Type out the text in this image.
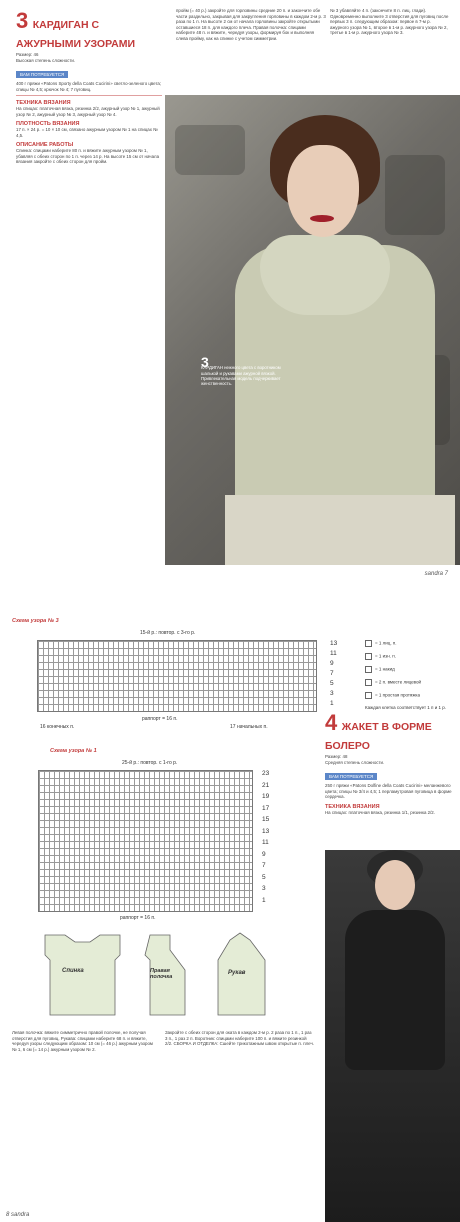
3 КАРДИГАН С АЖУРНЫМИ УЗОРАМИ
Размер: 46
Высокая степень сложности.
ВАМ ПОТРЕБУЕТСЯ
400 г пряжи «Patons Sporty della Coats Cucirini» светло-зеленого цвета; спицы № 4,5; крючок № 4; 7 пуговиц.
ТЕХНИКА ВЯЗАНИЯ
На спицах: платочная вязка, резинка 2/2, ажурный узор № 1, ажурный узор № 2, ажурный узор № 3, ажурный узор № 4.
ПЛОТНОСТЬ ВЯЗАНИЯ
17 п. × 24 р. = 10 × 10 см, связано ажурным узором № 1 на спицах № 4,5.
ОПИСАНИЕ РАБОТЫ
Спинка: спицами наберите 80 п. и вяжите ажурным узором № 1, убавляя с обеих сторон по 1 п. через 14 р. На высоте 15 см от начала вязания закройте с обеих сторон для пройм.
пройм (= 40 р.) закройте для горловины средние 20 п. и закончите обе части раздельно, закрывая для закругления горловины в каждом 2-м р. 3 раза по 1 п. На высоте 2 см от начала горловины закройте открытыми оставшиеся 18 п. для каждого плеча. Правая полочка: спицами наберите 48 п. и вяжите, чередуя узоры, формируя бок и выполняя слева пройму, как на спинке с учетом симметрии.
№ 3 убавляйте 4 п. (закончите 8 п. лиц. глади). Одновременно выполните 3 отверстия для пуговиц после первых 3 п. следующим образом: первое в 7-м р. ажурного узора № 1, второе в 1-м р. ажурного узора № 2, третье в 1-м р. ажурного узора № 3.
3
КАРДИГАН нежного цвета с воротником шалькой и рукавами ажурной вязкой. Привлекательная модель подчеркивает женственность.
sandra 7
Схема узора № 3
15-й р.: повтор. с 3-го р.
13
11
9
7
5
3
1
раппорт = 16 п.
16 конечных п.	17 начальных п.
= 1 лиц. п.
= 1 изн. п.
= 1 накид
= 2 п. вместе лицевой
= 1 простая протяжка
Каждая клетка соответствует 1 п и 1 р.
Схема узора № 1
25-й р.: повтор. с 1-го р.
23
21
19
17
15
13
11
9
7
5
3
1
раппорт = 16 п.
Спинка	Правая полочка
Рукав
Левая полочка: вяжите симметрично правой полочке, не получая отверстия для пуговиц. Рукава: спицами наберите 68 п. и вяжите, чередуя узоры следующим образом: 10 см (= 46 р.) ажурным узором № 1, 6 см (= 14 р.) ажурным узором № 2.
Закройте с обеих сторон для оката в каждом 2-м р. 2 раза по 1 п., 1 раз 3 п., 1 раз 2 п. Воротник: спицами наберите 100 п. и вяжите резинкой 2/2. СБОРКА И ОТДЕЛКА: Сшейте трикотажным швом открытые п. плеч.
4 ЖАКЕТ В ФОРМЕ БОЛЕРО
Размер: 48
Средняя степень сложности.
ВАМ ПОТРЕБУЕТСЯ
250 г пряжи «Patons Dolfine della Coats Cucirini» меланжевого цвета; спицы № 3/4 и 4,5; 1 перламутровая пуговица в форме сердечка.
ТЕХНИКА ВЯЗАНИЯ
На спицах: платочная вязка, резинка 1/1, резинка 2/2.
8 sandra
